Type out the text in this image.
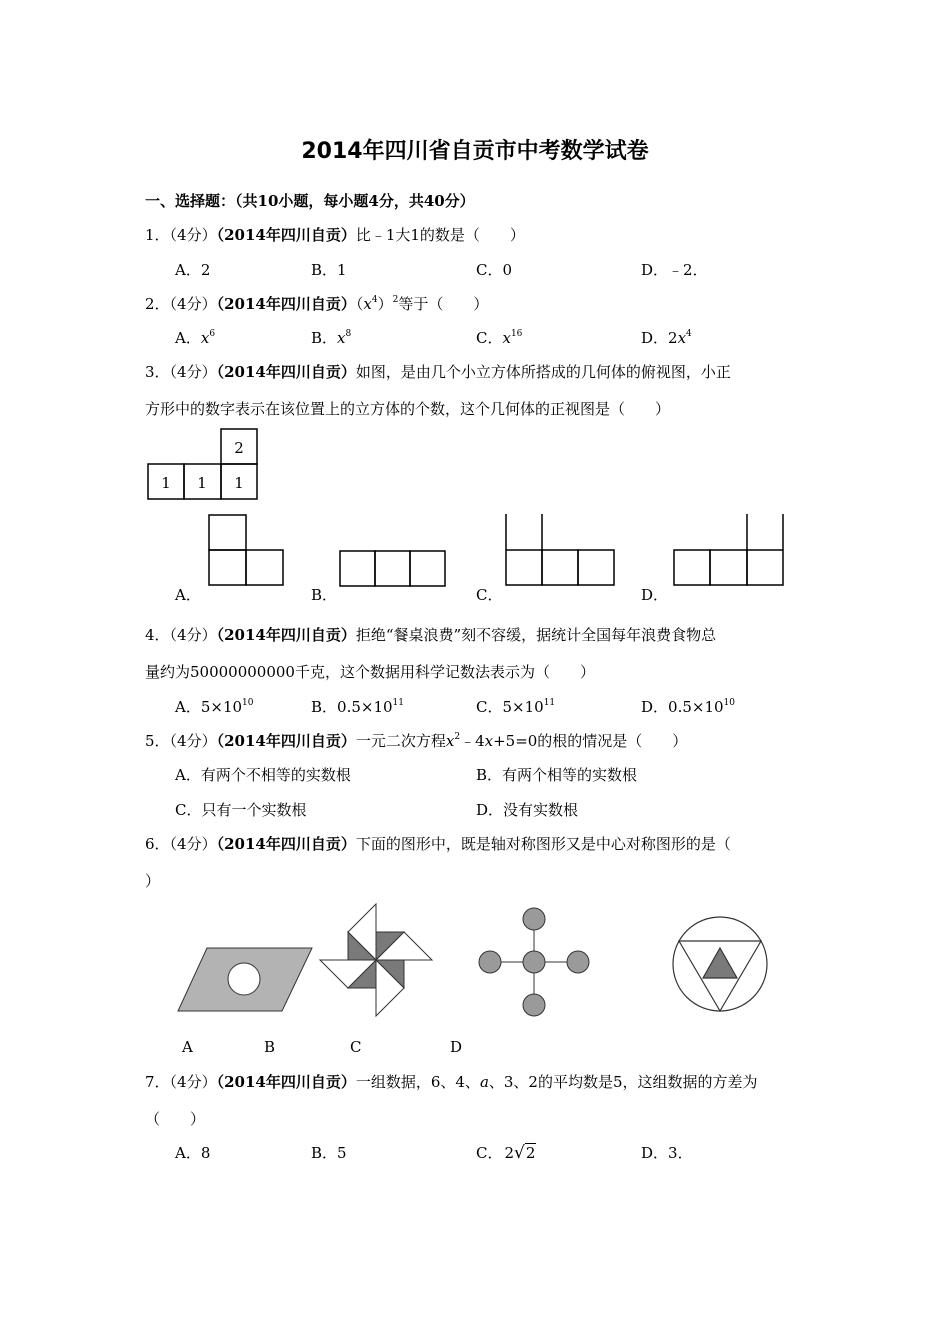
2014年四川省自贡市中考数学试卷
一、选择题：（共10小题，每小题4分，共40分）
1．（4分）（2014年四川自贡）比﹣1大1的数是（　　）
A．2	B．1	C．0	D．﹣2．
2．（4分）（2014年四川自贡）$(x^4)^2$等于（　　）
A．$x^6$	B．$x^8$	C．$x^{16}$	D．$2x^4$
3．（4分）（2014年四川自贡）如图，是由几个小立方体所搭成的几何体的俯视图，小正
方形中的数字表示在该位置上的立方体的个数，这个几何体的正视图是（　　）
2
1 1 1
A．	B．	C．	D．
4．（4分）（2014年四川自贡）拒绝“餐桌浪费”刻不容缓，据统计全国每年浪费食物总
量约为50000000000千克，这个数据用科学记数法表示为（　　）
A．$5\times 10^{10}$	B．$0.5\times 10^{11}$	C．$5\times 10^{11}$	D．$0.5\times 10^{10}$
5．（4分）（2014年四川自贡）一元二次方程$x^2﹣4x+5=0$的根的情况是（　　）
A．有两个不相等的实数根	B．有两个相等的实数根
C．只有一个实数根	D．没有实数根
6．（4分）（2014年四川自贡）下面的图形中，既是轴对称图形又是中心对称图形的是（
）
A	B	C	D
7．（4分）（2014年四川自贡）一组数据，6、4、a、3、2的平均数是5，这组数据的方差为
（　　）
A．8	B．5	C． 2√2	D．3．
